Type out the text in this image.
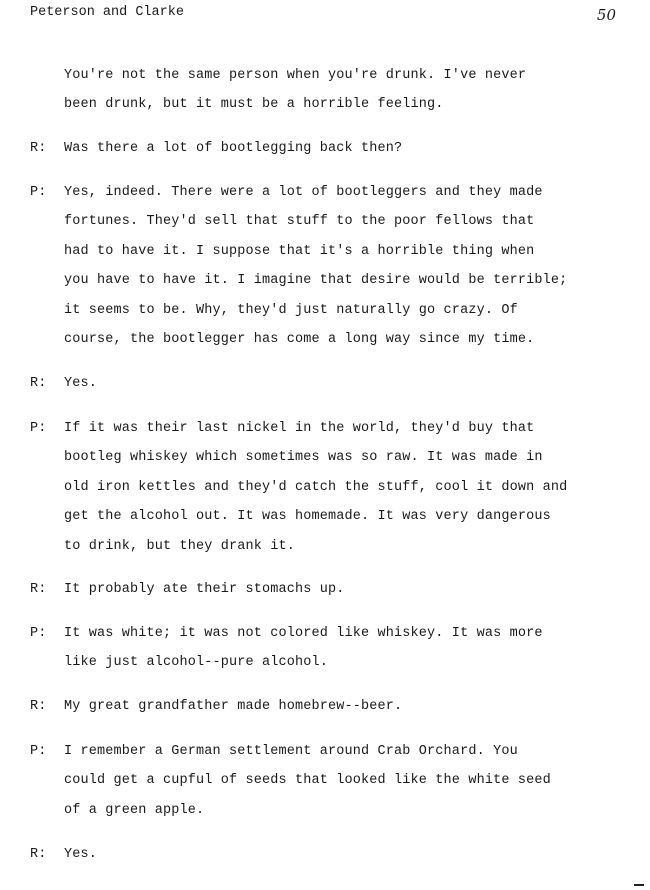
Peterson and Clarke	50
You're not the same person when you're drunk. I've never
been drunk, but it must be a horrible feeling.
R:	Was there a lot of bootlegging back then?
P:	Yes, indeed. There were a lot of bootleggers and they made
fortunes. They'd sell that stuff to the poor fellows that
had to have it. I suppose that it's a horrible thing when
you have to have it. I imagine that desire would be terrible;
it seems to be. Why, they'd just naturally go crazy. Of
course, the bootlegger has come a long way since my time.
R:	Yes.
P:	If it was their last nickel in the world, they'd buy that
bootleg whiskey which sometimes was so raw. It was made in
old iron kettles and they'd catch the stuff, cool it down and
get the alcohol out. It was homemade. It was very dangerous
to drink, but they drank it.
R:	It probably ate their stomachs up.
P:	It was white; it was not colored like whiskey. It was more
like just alcohol--pure alcohol.
R:	My great grandfather made homebrew--beer.
P:	I remember a German settlement around Crab Orchard. You
could get a cupful of seeds that looked like the white seed
of a green apple.
R:	Yes.
